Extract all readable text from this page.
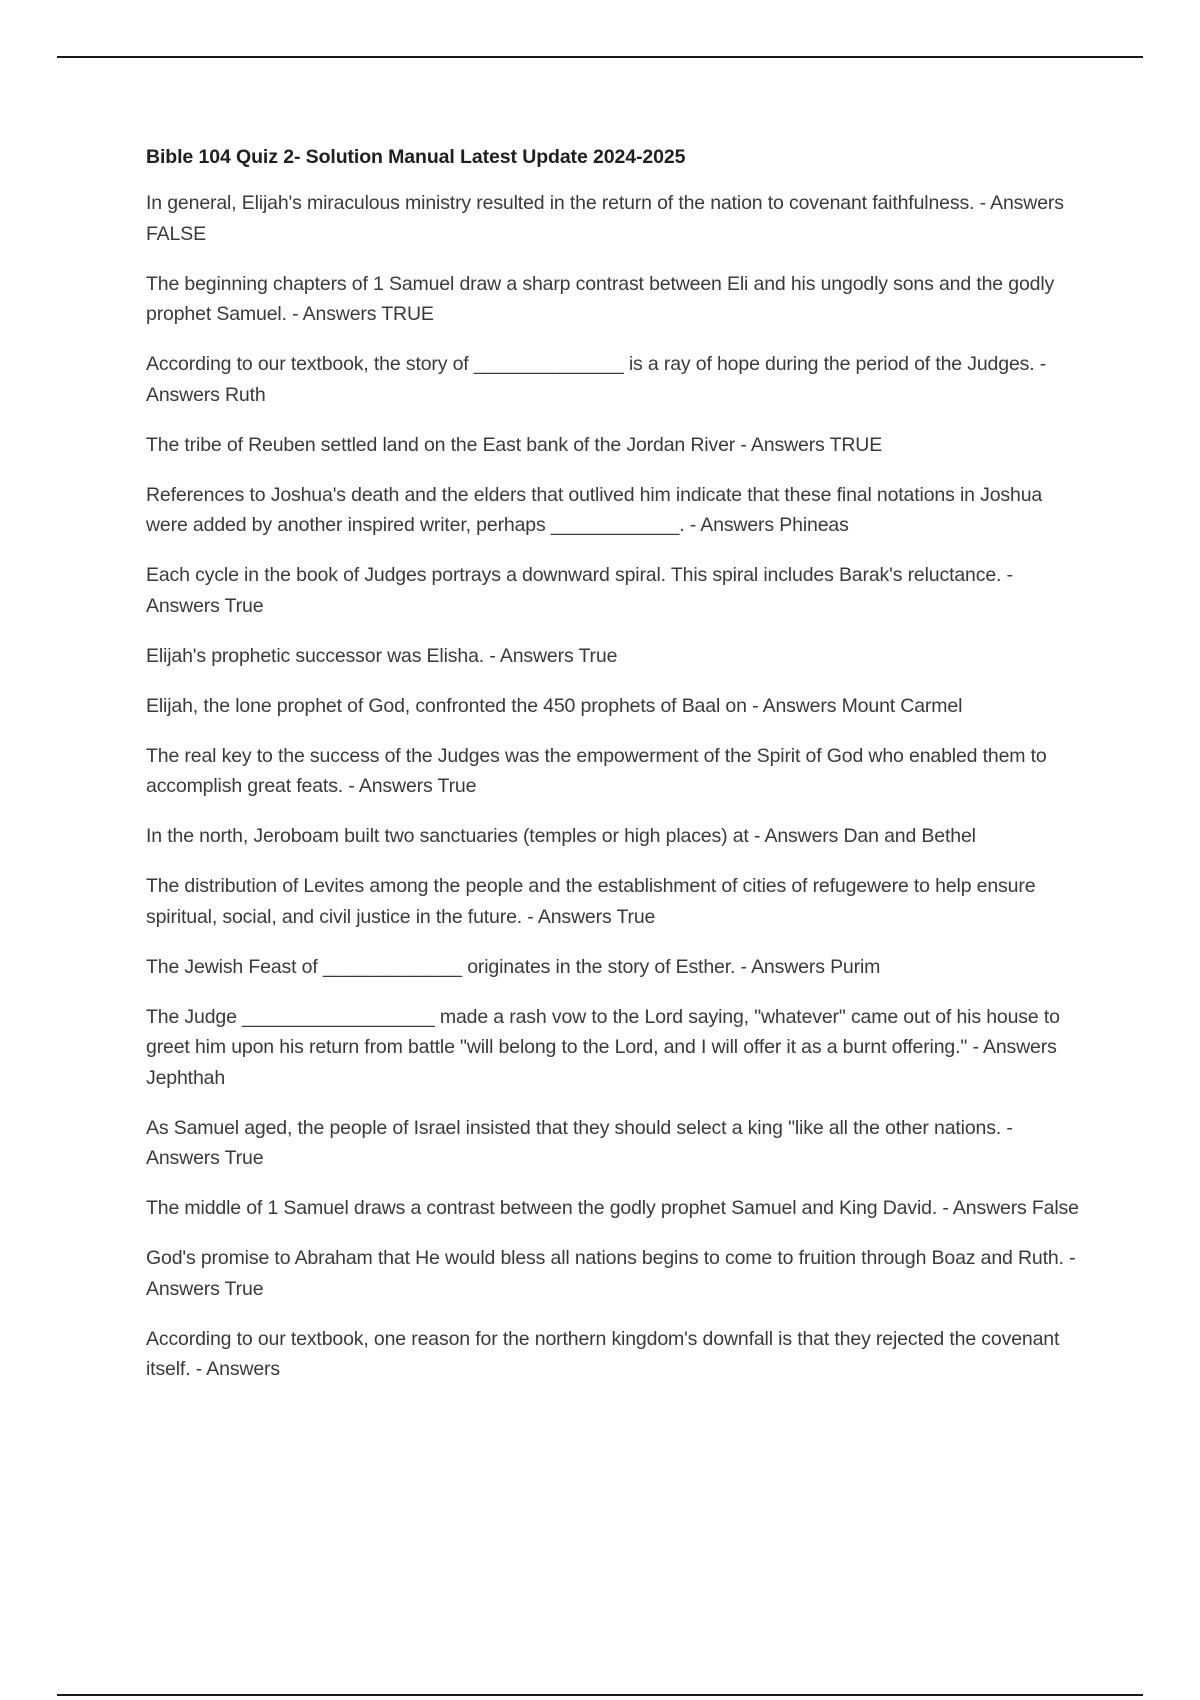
Bible 104 Quiz 2- Solution Manual Latest Update 2024-2025

In general, Elijah's miraculous ministry resulted in the return of the nation to covenant faithfulness. - Answers FALSE

The beginning chapters of 1 Samuel draw a sharp contrast between Eli and his ungodly sons and the godly prophet Samuel. - Answers TRUE

According to our textbook, the story of ______________ is a ray of hope during the period of the Judges. - Answers Ruth

The tribe of Reuben settled land on the East bank of the Jordan River - Answers TRUE

References to Joshua's death and the elders that outlived him indicate that these final notations in Joshua were added by another inspired writer, perhaps ____________. - Answers Phineas

Each cycle in the book of Judges portrays a downward spiral. This spiral includes Barak's reluctance. - Answers True

Elijah's prophetic successor was Elisha. - Answers True

Elijah, the lone prophet of God, confronted the 450 prophets of Baal on - Answers Mount Carmel

The real key to the success of the Judges was the empowerment of the Spirit of God who enabled them to accomplish great feats. - Answers True

In the north, Jeroboam built two sanctuaries (temples or high places) at - Answers Dan and Bethel

The distribution of Levites among the people and the establishment of cities of refugewere to help ensure spiritual, social, and civil justice in the future. - Answers True

The Jewish Feast of _____________ originates in the story of Esther. - Answers Purim

The Judge __________________ made a rash vow to the Lord saying, "whatever" came out of his house to greet him upon his return from battle "will belong to the Lord, and I will offer it as a burnt offering." - Answers Jephthah

As Samuel aged, the people of Israel insisted that they should select a king "like all the other nations. - Answers True

The middle of 1 Samuel draws a contrast between the godly prophet Samuel and King David. - Answers False

God's promise to Abraham that He would bless all nations begins to come to fruition through Boaz and Ruth. - Answers True

According to our textbook, one reason for the northern kingdom's downfall is that they rejected the covenant itself. - Answers
